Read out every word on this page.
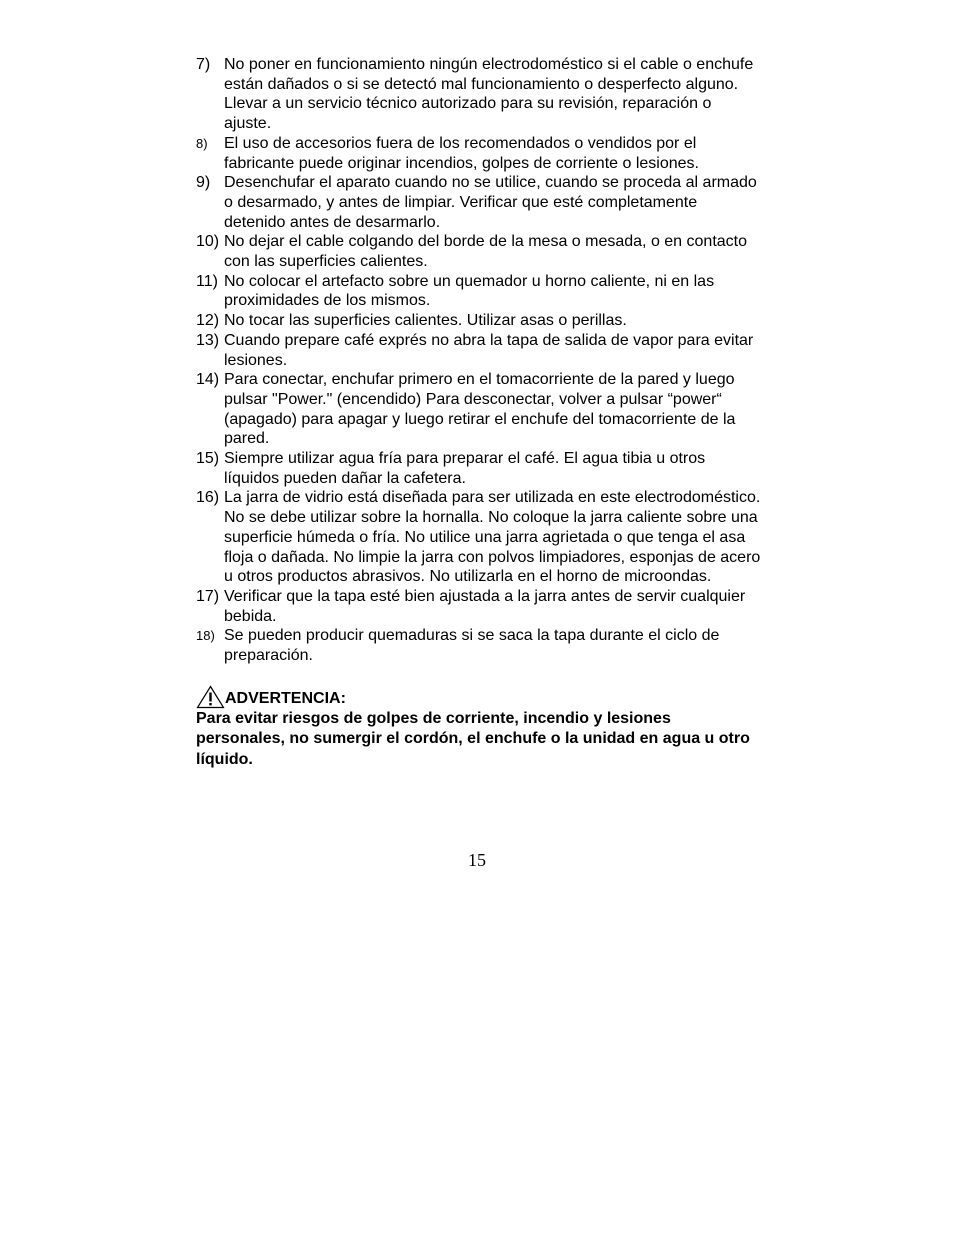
7) No poner en funcionamiento ningún electrodoméstico si el cable o enchufe están dañados o si se detectó mal funcionamiento o desperfecto alguno. Llevar a un servicio técnico autorizado para su revisión, reparación o ajuste.
8)	El uso de accesorios fuera de los recomendados o vendidos por el fabricante puede originar incendios, golpes de corriente o lesiones.
9) Desenchufar el aparato cuando no se utilice, cuando se proceda al armado o desarmado, y antes de limpiar. Verificar que esté completamente detenido antes de desarmarlo.
10) No dejar el cable colgando del borde de la mesa o mesada, o en contacto con las superficies calientes.
11) No colocar el artefacto sobre un quemador u horno caliente, ni en las proximidades de los mismos.
12) No tocar las superficies calientes. Utilizar asas o perillas.
13) Cuando prepare café exprés no abra la tapa de salida de vapor para evitar lesiones.
14) Para conectar, enchufar primero en el tomacorriente de la pared y luego pulsar "Power." (encendido) Para desconectar, volver a pulsar “power“ (apagado) para apagar y luego retirar el enchufe del tomacorriente de la pared.
15) Siempre utilizar agua fría para preparar el café. El agua tibia u otros líquidos pueden dañar la cafetera.
16) La jarra de vidrio está diseñada para ser utilizada en este electrodoméstico. No se debe utilizar sobre la hornalla. No coloque la jarra caliente sobre una superficie húmeda o fría. No utilice una jarra agrietada o que tenga el asa floja o dañada. No limpie la jarra con polvos limpiadores, esponjas de acero u otros productos abrasivos. No utilizarla en el horno de microondas.
17) Verificar que la tapa esté bien ajustada a la jarra antes de servir cualquier bebida.
18) Se pueden producir quemaduras si se saca la tapa durante el ciclo de preparación.
ADVERTENCIA:
Para evitar riesgos de golpes de corriente, incendio y lesiones personales, no sumergir el cordón, el enchufe o la unidad en agua u otro líquido.
15
